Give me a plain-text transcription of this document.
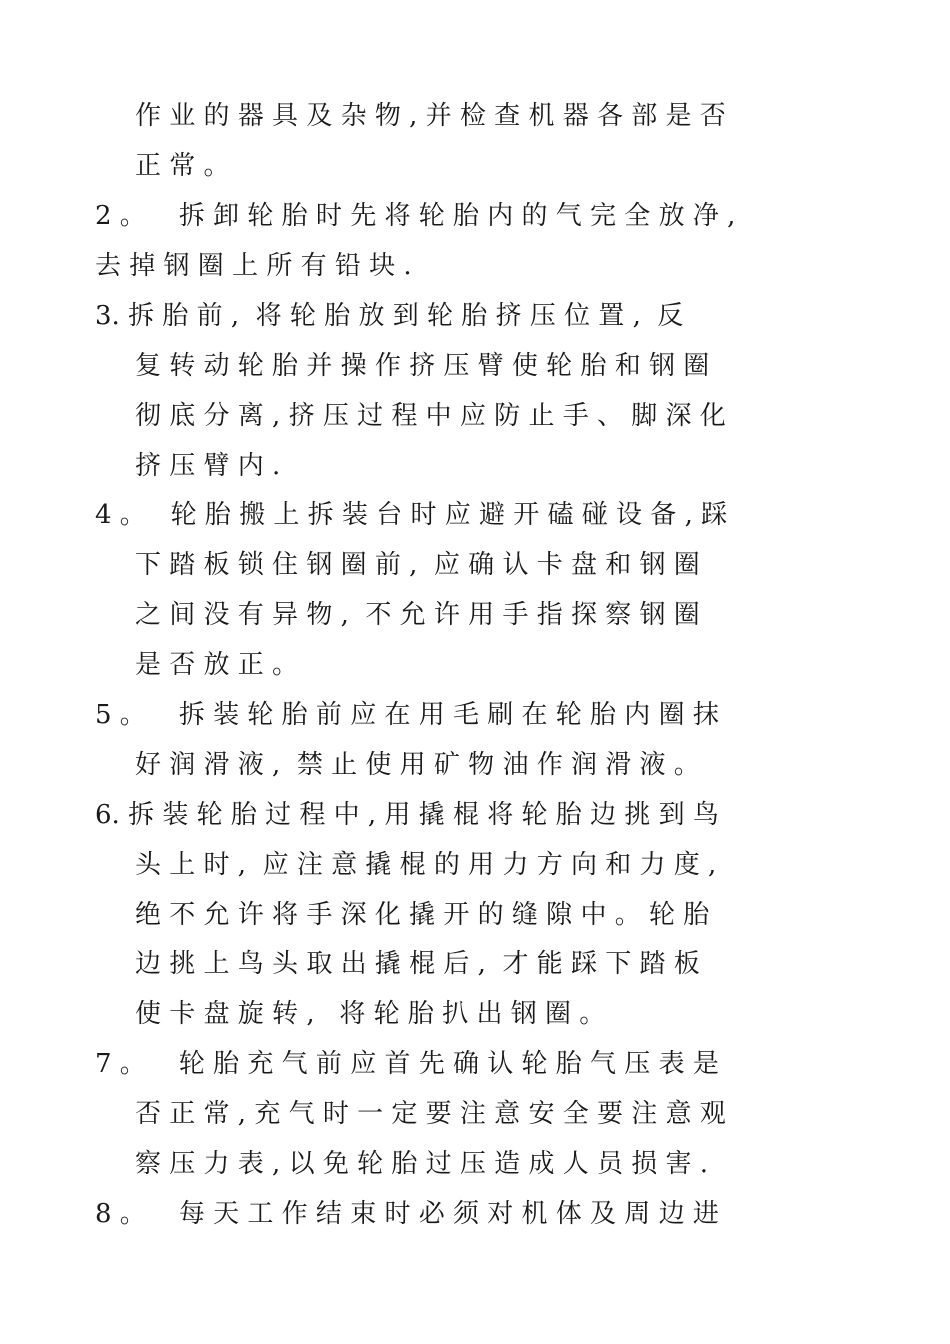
作 业 的 器 具 及 杂 物 , 并 检 查 机 器 各 部 是 否
正 常 。
2 。    拆 卸 轮 胎 时 先 将 轮 胎 内 的 气 完 全 放 净 ,
去 掉 钢 圈 上 所 有 铅 块 .
3. 拆 胎 前 ,  将 轮 胎 放 到 轮 胎 挤 压 位 置 ,  反
复 转 动 轮 胎 并 操 作 挤 压 臂 使 轮 胎 和 钢 圈
彻 底 分 离 , 挤 压 过 程 中 应 防 止 手 、 脚 深 化
挤 压 臂 内 .
4 。   轮 胎 搬 上 拆 装 台 时 应 避 开 磕 碰 设 备 , 踩
下 踏 板 锁 住 钢 圈 前 ,  应 确 认 卡 盘 和 钢 圈
之 间 没 有 异 物 ,  不 允 许 用 手 指 探 察 钢 圈
是 否 放 正 。
5 。    拆 装 轮 胎 前 应 在 用 毛 刷 在 轮 胎 内 圈 抹
好 润 滑 液 ,  禁 止 使 用 矿 物 油 作 润 滑 液 。
6. 拆 装 轮 胎 过 程 中 , 用 撬 棍 将 轮 胎 边 挑 到 鸟
头 上 时 ,  应 注 意 撬 棍 的 用 力 方 向 和 力 度 ,
绝 不 允 许 将 手 深 化 撬 开 的 缝 隙 中 。 轮 胎
边 挑 上 鸟 头 取 出 撬 棍 后 ,  才 能 踩 下 踏 板
使 卡 盘 旋 转 ,   将 轮 胎 扒 出 钢 圈 。
7 。    轮 胎 充 气 前 应 首 先 确 认 轮 胎 气 压 表 是
否 正 常 , 充 气 时 一 定 要 注 意 安 全 要 注 意 观
察 压 力 表 , 以 免 轮 胎 过 压 造 成 人 员 损 害 .
8 。    每 天 工 作 结 束 时 必 须 对 机 体 及 周 边 进
